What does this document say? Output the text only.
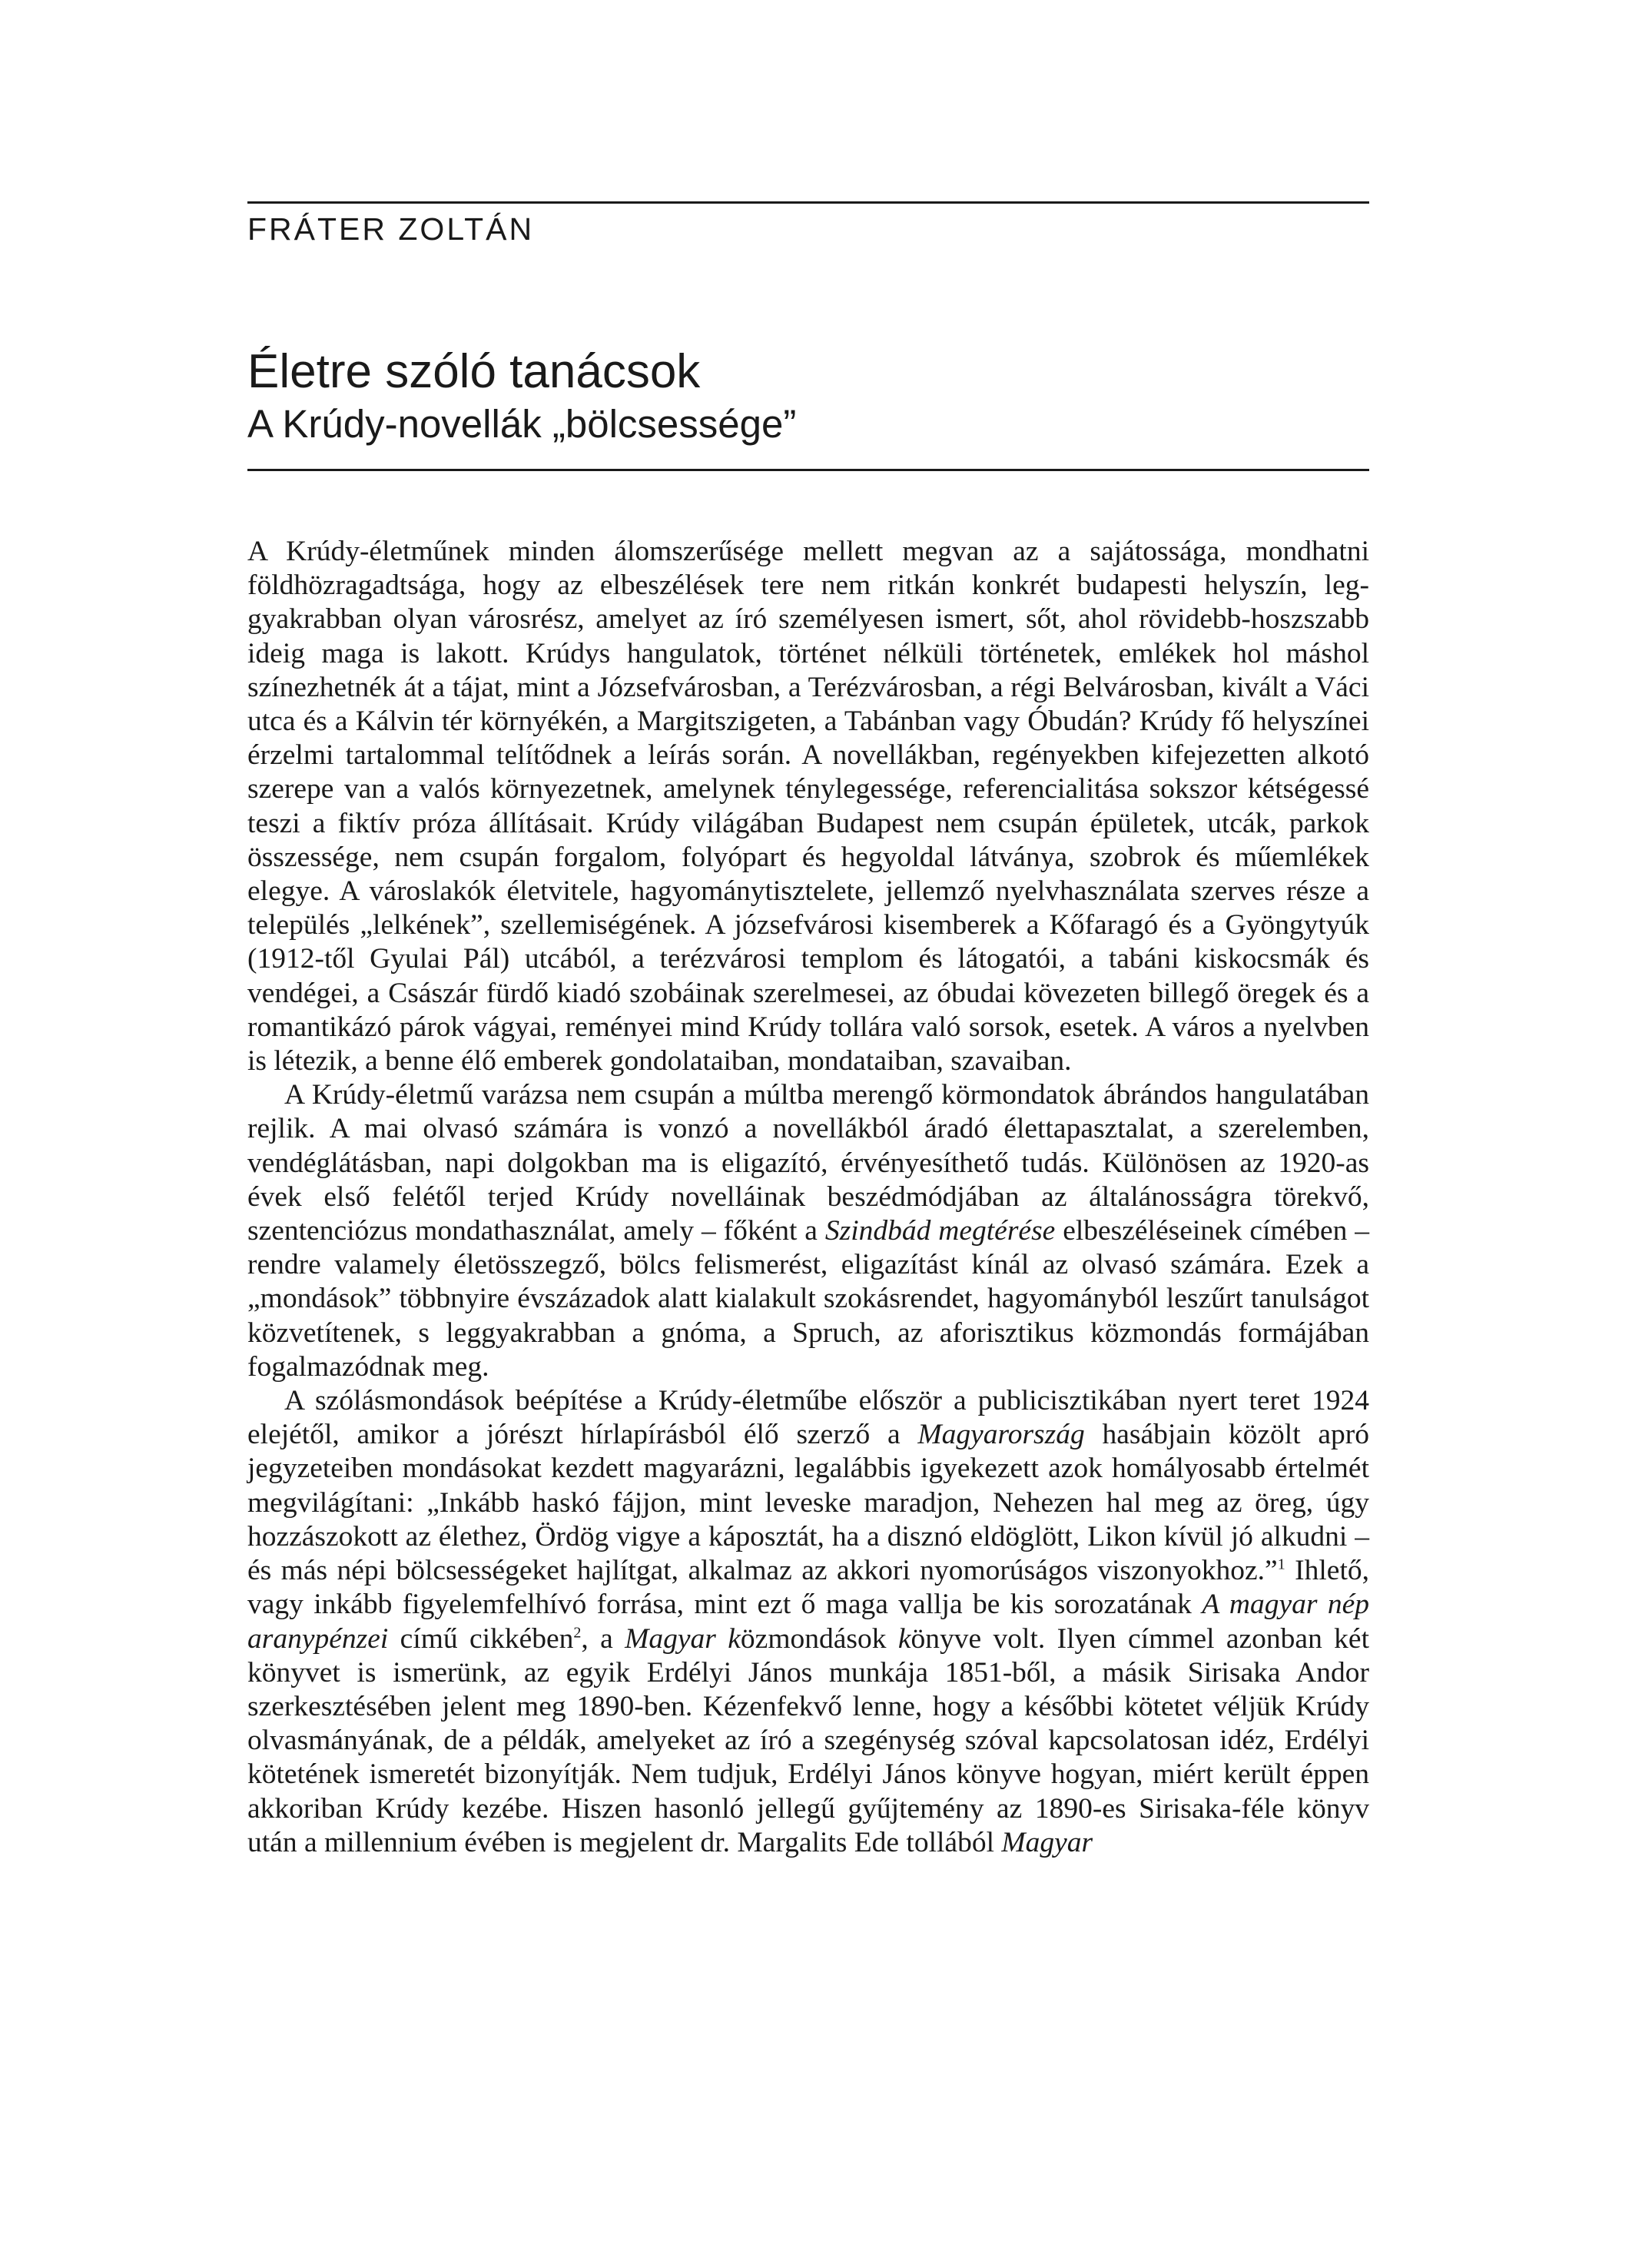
FRÁTER ZOLTÁN
Életre szóló tanácsok
A Krúdy-novellák „bölcsessége”

A Krúdy-életműnek minden álomszerűsége mellett megvan az a sajátossága, mondhatni földhözragadtsága, hogy az elbeszélések tere nem ritkán konkrét budapesti helyszín, leggyakrabban olyan városrész, amelyet az író személyesen ismert, sőt, ahol rövidebb-hoszszabb ideig maga is lakott. Krúdys hangulatok, történet nélküli történetek, emlékek hol máshol színezhetnék át a tájat, mint a Józsefvárosban, a Terézvárosban, a régi Belvárosban, kivált a Váci utca és a Kálvin tér környékén, a Margitszigeten, a Tabánban vagy Óbudán? Krúdy fő helyszínei érzelmi tartalommal telítődnek a leírás során. A novellákban, regényekben kifejezetten alkotó szerepe van a valós környezetnek, amelynek ténylegessége, referencialitása sokszor kétségessé teszi a fiktív próza állításait. Krúdy világában Budapest nem csupán épületek, utcák, parkok összessége, nem csupán forgalom, folyópart és hegyoldal látványa, szobrok és műemlékek elegye. A városlakók életvitele, hagyománytisztelete, jellemző nyelvhasználata szerves része a település „lelkének”, szellemiségének. A józsefvárosi kisemberek a Kőfaragó és a Gyöngytyúk (1912-től Gyulai Pál) utcából, a terézvárosi templom és látogatói, a tabáni kiskocsmák és vendégei, a Császár fürdő kiadó szobáinak szerelmesei, az óbudai kövezeten billegő öregek és a romantikázó párok vágyai, reményei mind Krúdy tollára való sorsok, esetek. A város a nyelvben is létezik, a benne élő emberek gondolataiban, mondataiban, szavaiban.

A Krúdy-életmű varázsa nem csupán a múltba merengő körmondatok ábrándos hangulatában rejlik. A mai olvasó számára is vonzó a novellákból áradó élettapasztalat, a szerelemben, vendéglátásban, napi dolgokban ma is eligazító, érvényesíthető tudás. Különösen az 1920-as évek első felétől terjed Krúdy novelláinak beszédmódjában az általánosságra törekvő, szentenciózus mondathasználat, amely – főként a Szindbád megtérése elbeszéléseinek címében – rendre valamely életösszegző, bölcs felismerést, eligazítást kínál az olvasó számára. Ezek a „mondások” többnyire évszázadok alatt kialakult szokásrendet, hagyományból leszűrt tanulságot közvetítenek, s leggyakrabban a gnóma, a Spruch, az aforisztikus közmondás formájában fogalmazódnak meg.

A szólásmondások beépítése a Krúdy-életműbe először a publicisztikában nyert teret 1924 elejétől, amikor a jórészt hírlapírásból élő szerző a Magyarország hasábjain közölt apró jegyzeteiben mondásokat kezdett magyarázni, legalábbis igyekezett azok homályosabb értelmét megvilágítani: „Inkább haskó fájjon, mint leveske maradjon, Nehezen hal meg az öreg, úgy hozzászokott az élethez, Ördög vigye a káposztát, ha a disznó eldöglött, Likon kívül jó alkudni – és más népi bölcsességeket hajlítgat, alkalmaz az akkori nyomorúságos viszonyokhoz.”$^1$ Ihlető, vagy inkább figyelemfelhívó forrása, mint ezt ő maga vallja be kis sorozatának A magyar nép aranypénzei című cikkében$^2$, a Magyar közmondások könyve volt. Ilyen címmel azonban két könyvet is ismerünk, az egyik Erdélyi János munkája 1851-ből, a másik Sirisaka Andor szerkesztésében jelent meg 1890-ben. Kézenfekvő lenne, hogy a későbbi kötetet véljük Krúdy olvasmányának, de a példák, amelyeket az író a szegénység szóval kapcsolatosan idéz, Erdélyi kötetének ismeretét bizonyítják. Nem tudjuk, Erdélyi János könyve hogyan, miért került éppen akkoriban Krúdy kezébe. Hiszen hasonló jellegű gyűjtemény az 1890-es Sirisaka-féle könyv után a millennium évében is megjelent dr. Margalits Ede tollából Magyar
